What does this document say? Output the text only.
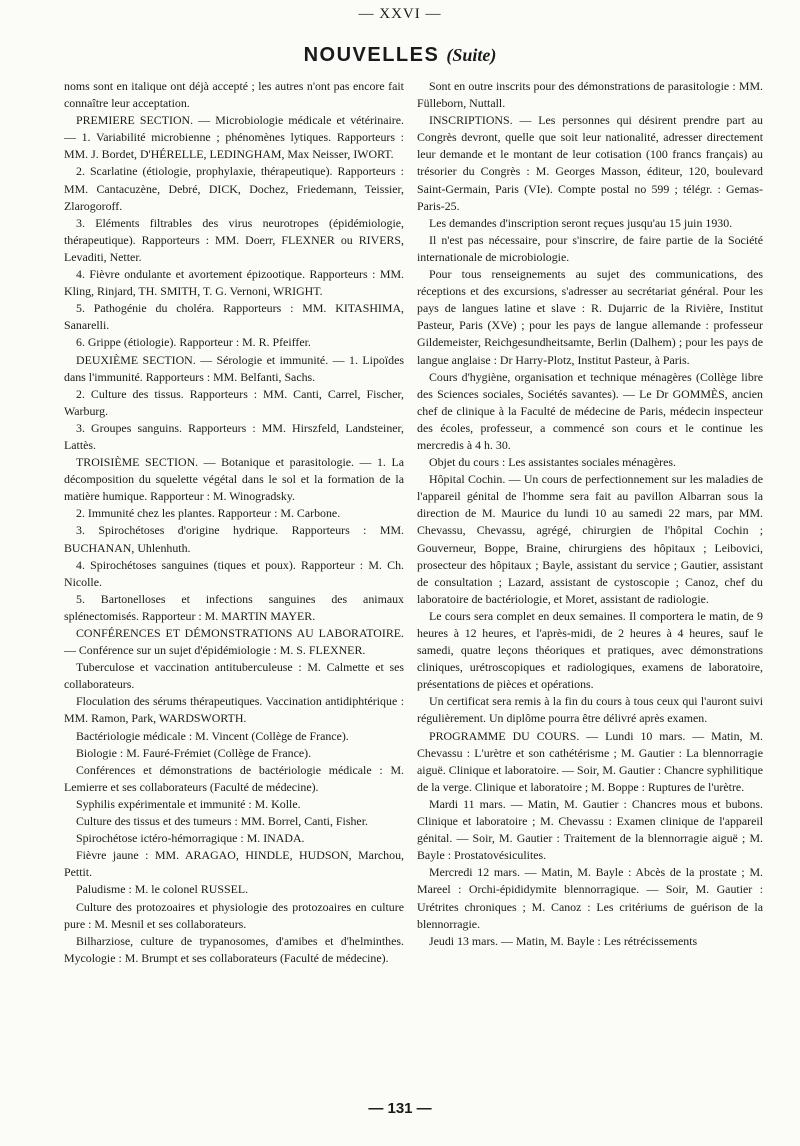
— XXVI —
NOUVELLES (Suite)

noms sont en italique ont déjà accepté ; les autres n'ont pas encore fait connaître leur acceptation.

PREMIERE SECTION. — Microbiologie médicale et vétérinaire. — 1. Variabilité microbienne ; phénomènes lytiques. Rapporteurs : MM. J. Bordet, D'HÉRELLE, LEDINGHAM, Max Neisser, IWORT.

2. Scarlatine (étiologie, prophylaxie, thérapeutique). Rapporteurs : MM. Cantacuzène, Debré, DICK, Dochez, Friedemann, Teissier, Zlarogoroff.

3. Eléments filtrables des virus neurotropes (épidémiologie, thérapeutique). Rapporteurs : MM. Doerr, FLEXNER ou RIVERS, Levaditi, Netter.

4. Fièvre ondulante et avortement épizootique. Rapporteurs : MM. Kling, Rinjard, TH. SMITH, T. G. Vernoni, WRIGHT.

5. Pathogénie du choléra. Rapporteurs : MM. KITASHIMA, Sanarelli.

6. Grippe (étiologie). Rapporteur : M. R. Pfeiffer.

DEUXIÈME SECTION. — Sérologie et immunité. — 1. Lipoïdes dans l'immunité. Rapporteurs : MM. Belfanti, Sachs.

2. Culture des tissus. Rapporteurs : MM. Canti, Carrel, Fischer, Warburg.

3. Groupes sanguins. Rapporteurs : MM. Hirszfeld, Landsteiner, Lattès.

TROISIÈME SECTION. — Botanique et parasitologie. — 1. La décomposition du squelette végétal dans le sol et la formation de la matière humique. Rapporteur : M. Winogradsky.

2. Immunité chez les plantes. Rapporteur : M. Carbone.

3. Spirochétoses d'origine hydrique. Rapporteurs : MM. BUCHANAN, Uhlenhuth.

4. Spirochétoses sanguines (tiques et poux). Rapporteur : M. Ch. Nicolle.

5. Bartonelloses et infections sanguines des animaux splénectomisés. Rapporteur : M. MARTIN MAYER.

CONFÉRENCES ET DÉMONSTRATIONS AU LABORATOIRE. — Conférence sur un sujet d'épidémiologie : M. S. FLEXNER.

Tuberculose et vaccination antituberculeuse : M. Calmette et ses collaborateurs.

Floculation des sérums thérapeutiques. Vaccination antidiphtérique : MM. Ramon, Park, WARDSWORTH.

Bactériologie médicale : M. Vincent (Collège de France).

Biologie : M. Fauré-Frémiet (Collège de France).

Conférences et démonstrations de bactériologie médicale : M. Lemierre et ses collaborateurs (Faculté de médecine).

Syphilis expérimentale et immunité : M. Kolle.

Culture des tissus et des tumeurs : MM. Borrel, Canti, Fisher.

Spirochétose ictéro-hémorragique : M. INADA.

Fièvre jaune : MM. ARAGAO, HINDLE, HUDSON, Marchou, Pettit.

Paludisme : M. le colonel RUSSEL.

Culture des protozoaires et physiologie des protozoaires en culture pure : M. Mesnil et ses collaborateurs.

Bilharziose, culture de trypanosomes, d'amibes et d'helminthes. Mycologie : M. Brumpt et ses collaborateurs (Faculté de médecine).

Sont en outre inscrits pour des démonstrations de parasitologie : MM. Fülleborn, Nuttall.

INSCRIPTIONS. — Les personnes qui désirent prendre part au Congrès devront, quelle que soit leur nationalité, adresser directement leur demande et le montant de leur cotisation (100 francs français) au trésorier du Congrès : M. Georges Masson, éditeur, 120, boulevard Saint-Germain, Paris (VIe). Compte postal no 599 ; télégr. : Gemas-Paris-25.

Les demandes d'inscription seront reçues jusqu'au 15 juin 1930.

Il n'est pas nécessaire, pour s'inscrire, de faire partie de la Société internationale de microbiologie.

Pour tous renseignements au sujet des communications, des réceptions et des excursions, s'adresser au secrétariat général. Pour les pays de langues latine et slave : R. Dujarric de la Rivière, Institut Pasteur, Paris (XVe) ; pour les pays de langue allemande : professeur Gildemeister, Reichgesundheitsamte, Berlin (Dalhem) ; pour les pays de langue anglaise : Dr Harry-Plotz, Institut Pasteur, à Paris.

Cours d'hygiène, organisation et technique ménagères (Collège libre des Sciences sociales, Sociétés savantes). — Le Dr GOMMÈS, ancien chef de clinique à la Faculté de médecine de Paris, médecin inspecteur des écoles, professeur, a commencé son cours et le continue les mercredis à 4 h. 30.

Objet du cours : Les assistantes sociales ménagères.

Hôpital Cochin. — Un cours de perfectionnement sur les maladies de l'appareil génital de l'homme sera fait au pavillon Albarran sous la direction de M. Maurice du lundi 10 au samedi 22 mars, par MM. Chevassu, Chevassu, agrégé, chirurgien de l'hôpital Cochin ; Gouverneur, Boppe, Braine, chirurgiens des hôpitaux ; Leibovici, prosecteur des hôpitaux ; Bayle, assistant du service ; Gautier, assistant de consultation ; Lazard, assistant de cystoscopie ; Canoz, chef du laboratoire de bactériologie, et Moret, assistant de radiologie.

Le cours sera complet en deux semaines. Il comportera le matin, de 9 heures à 12 heures, et l'après-midi, de 2 heures à 4 heures, sauf le samedi, quatre leçons théoriques et pratiques, avec démonstrations cliniques, urétroscopiques et radiologiques, examens de laboratoire, présentations de pièces et opérations.

Un certificat sera remis à la fin du cours à tous ceux qui l'auront suivi régulièrement. Un diplôme pourra être délivré après examen.

PROGRAMME DU COURS. — Lundi 10 mars. — Matin, M. Chevassu : L'urètre et son cathétérisme ; M. Gautier : La blennorragie aiguë. Clinique et laboratoire. — Soir, M. Gautier : Chancre syphilitique de la verge. Clinique et laboratoire ; M. Boppe : Ruptures de l'urètre.

Mardi 11 mars. — Matin, M. Gautier : Chancres mous et bubons. Clinique et laboratoire ; M. Chevassu : Examen clinique de l'appareil génital. — Soir, M. Gautier : Traitement de la blennorragie aiguë ; M. Bayle : Prostatovésiculites.

Mercredi 12 mars. — Matin, M. Bayle : Abcès de la prostate ; M. Mareel : Orchi-épididymite blennorragique. — Soir, M. Gautier : Urétrites chroniques ; M. Canoz : Les critériums de guérison de la blennorragie.

Jeudi 13 mars. — Matin, M. Bayle : Les rétrécissements

— 131 —
